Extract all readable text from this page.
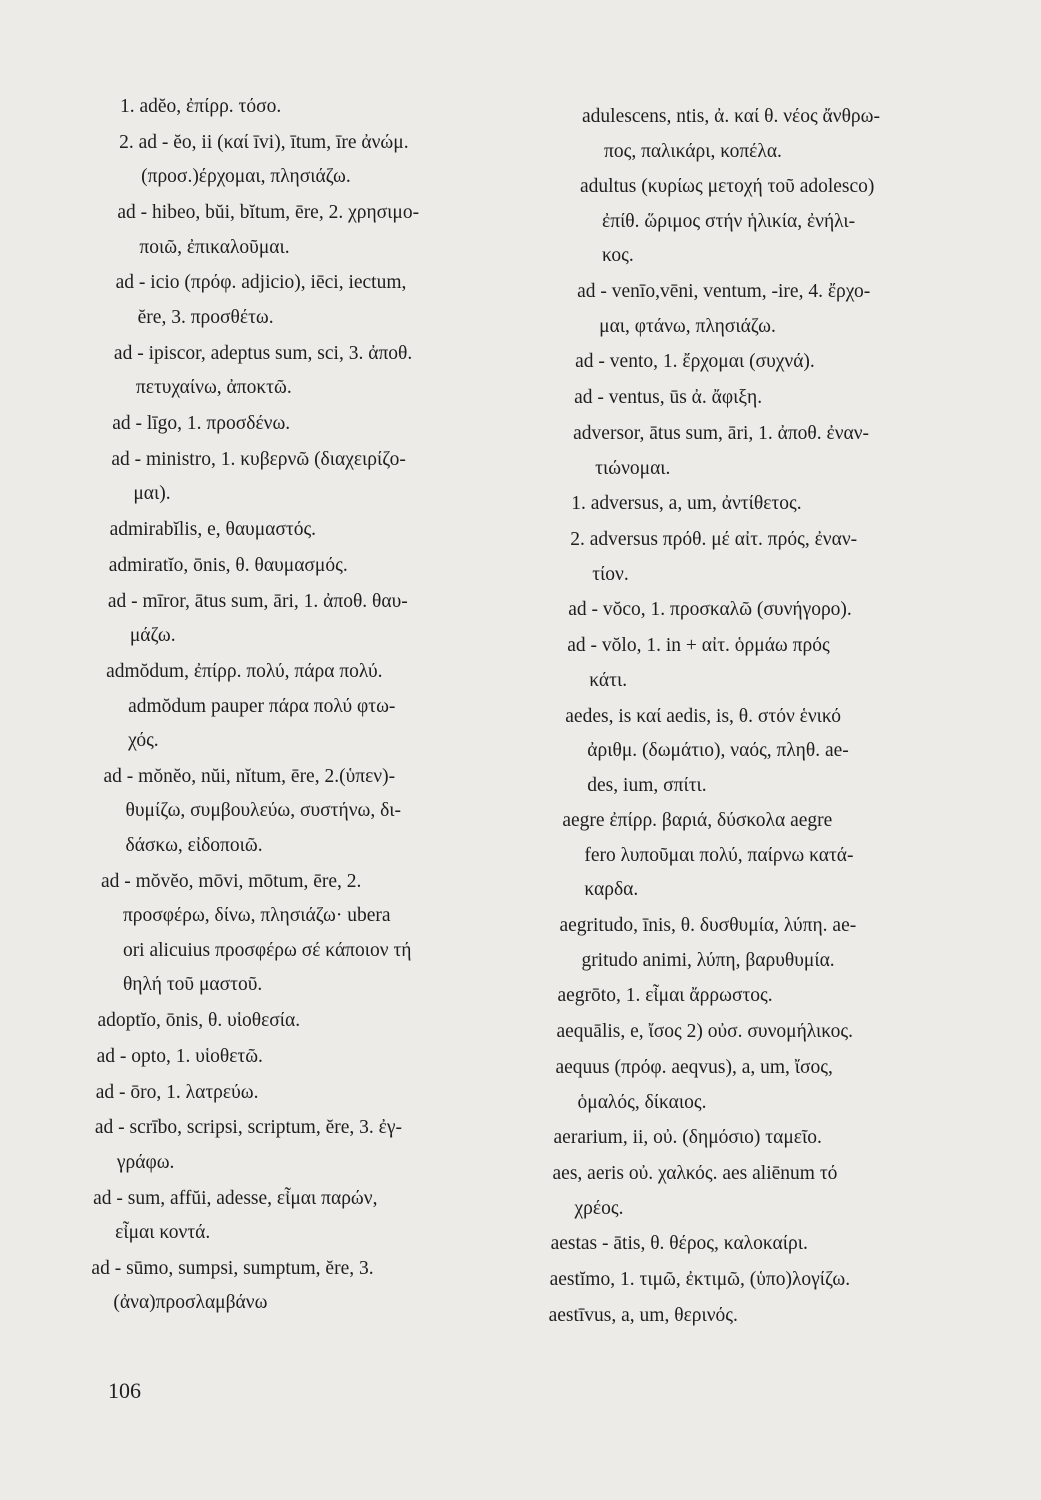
1. adĕo, ἐπίρρ. τόσο.
2. ad - ĕo, ii (καί īvi), ītum, īre ἀνώμ.
(προσ.)έρχομαι, πλησιάζω.
ad - hibeo, bŭi, bĭtum, ēre, 2. χρησιμο-
ποιῶ, ἐπικαλοῦμαι.
ad - icio (πρόφ. adjicio), iēci, iectum,
ĕre, 3. προσθέτω.
ad - ipiscor, adeptus sum, sci, 3. ἀποθ.
πετυχαίνω, ἀποκτῶ.
ad - līgo, 1. προσδένω.
ad - ministro, 1. κυβερνῶ (διαχειρίζο-
μαι).
admirabĭlis, e, θαυμαστός.
admiratĭo, ōnis, θ. θαυμασμός.
ad - mīror, ātus sum, āri, 1. ἀποθ. θαυ-
μάζω.
admŏdum, ἐπίρρ. πολύ, πάρα πολύ.
admŏdum pauper πάρα πολύ φτω-
χός.
ad - mŏnĕo, nŭi, nĭtum, ēre, 2.(ὑπεν)-
θυμίζω, συμβουλεύω, συστήνω, δι-
δάσκω, εἰδοποιῶ.
ad - mŏvĕo, mōvi, mōtum, ēre, 2.
προσφέρω, δίνω, πλησιάζω· ubera
ori alicuius προσφέρω σέ κάποιον τή
θηλή τοῦ μαστοῦ.
adoptĭo, ōnis, θ. υἱοθεσία.
ad - opto, 1. υἱοθετῶ.
ad - ōro, 1. λατρεύω.
ad - scrībo, scripsi, scriptum, ĕre, 3. ἐγ-
γράφω.
ad - sum, affŭi, adesse, εἶμαι παρών,
εἶμαι κοντά.
ad - sūmo, sumpsi, sumptum, ĕre, 3.
(ἀνα)προσλαμβάνω
adulescens, ntis, ἀ. καί θ. νέος ἄνθρω-
πος, παλικάρι, κοπέλα.
adultus (κυρίως μετοχή τοῦ adolesco)
ἐπίθ. ὥριμος στήν ἡλικία, ἐνήλι-
κος.
ad - venīo,vēni, ventum, -ire, 4. ἔρχο-
μαι, φτάνω, πλησιάζω.
ad - vento, 1. ἔρχομαι (συχνά).
ad - ventus, ūs ἀ. ἄφιξη.
adversor, ātus sum, āri, 1. ἀποθ. ἐναν-
τιώνομαι.
1. adversus, a, um, ἀντίθετος.
2. adversus πρόθ. μέ αἰτ. πρός, ἐναν-
τίον.
ad - vŏco, 1. προσκαλῶ (συνήγορο).
ad - vŏlo, 1. in + αἰτ. ὁρμάω πρός
κάτι.
aedes, is καί aedis, is, θ. στόν ἑνικό
ἀριθμ. (δωμάτιο), ναός, πληθ. ae-
des, ium, σπίτι.
aegre ἐπίρρ. βαριά, δύσκολα aegre
fero λυποῦμαι πολύ, παίρνω κατά-
καρδα.
aegritudo, īnis, θ. δυσθυμία, λύπη. ae-
gritudo animi, λύπη, βαρυθυμία.
aegrōto, 1. εἶμαι ἄρρωστος.
aequālis, e, ἴσος 2) οὐσ. συνομήλικος.
aequus (πρόφ. aeqvus), a, um, ἴσος,
ὁμαλός, δίκαιος.
aerarium, ii, οὐ. (δημόσιο) ταμεῖο.
aes, aeris οὐ. χαλκός. aes aliēnum τό
χρέος.
aestas - ātis, θ. θέρος, καλοκαίρι.
aestĭmo, 1. τιμῶ, ἐκτιμῶ, (ὑπο)λογίζω.
aestīvus, a, um, θερινός.
106
